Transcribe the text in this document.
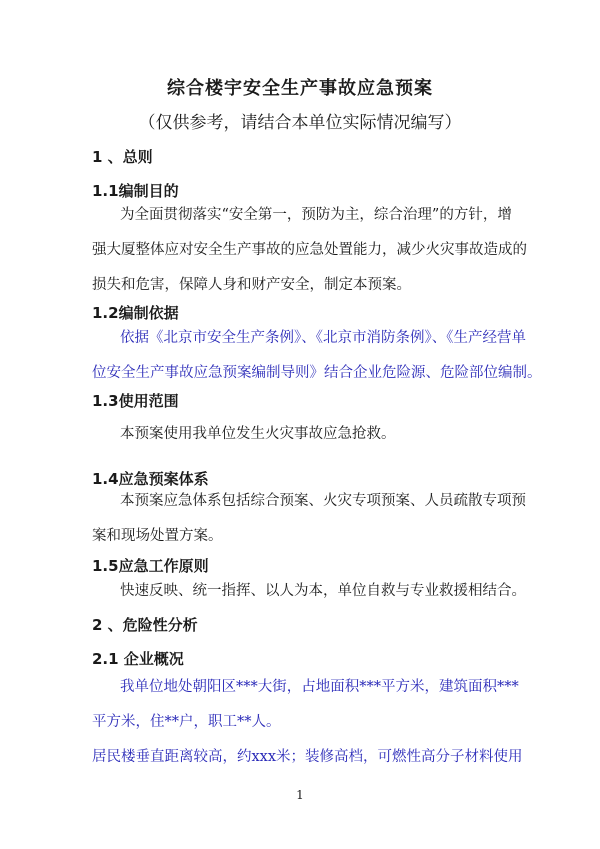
综合楼宇安全生产事故应急预案
（仅供参考，请结合本单位实际情况编写）
1 、总则
1.1编制目的
为全面贯彻落实“安全第一，预防为主，综合治理”的方针，增
强大厦整体应对安全生产事故的应急处置能力，减少火灾事故造成的
损失和危害，保障人身和财产安全，制定本预案。
1.2编制依据
依据《北京市安全生产条例》、《北京市消防条例》、《生产经营单
位安全生产事故应急预案编制导则》结合企业危险源、危险部位编制。
1.3使用范围
本预案使用我单位发生火灾事故应急抢救。
1.4应急预案体系
本预案应急体系包括综合预案、火灾专项预案、人员疏散专项预
案和现场处置方案。
1.5应急工作原则
快速反映、统一指挥、以人为本，单位自救与专业救援相结合。
2 、危险性分析
2.1 企业概况
我单位地处朝阳区***大街，占地面积***平方米，建筑面积***
平方米，住**户，职工**人。
居民楼垂直距离较高，约xxx米；装修高档，可燃性高分子材料使用
1
